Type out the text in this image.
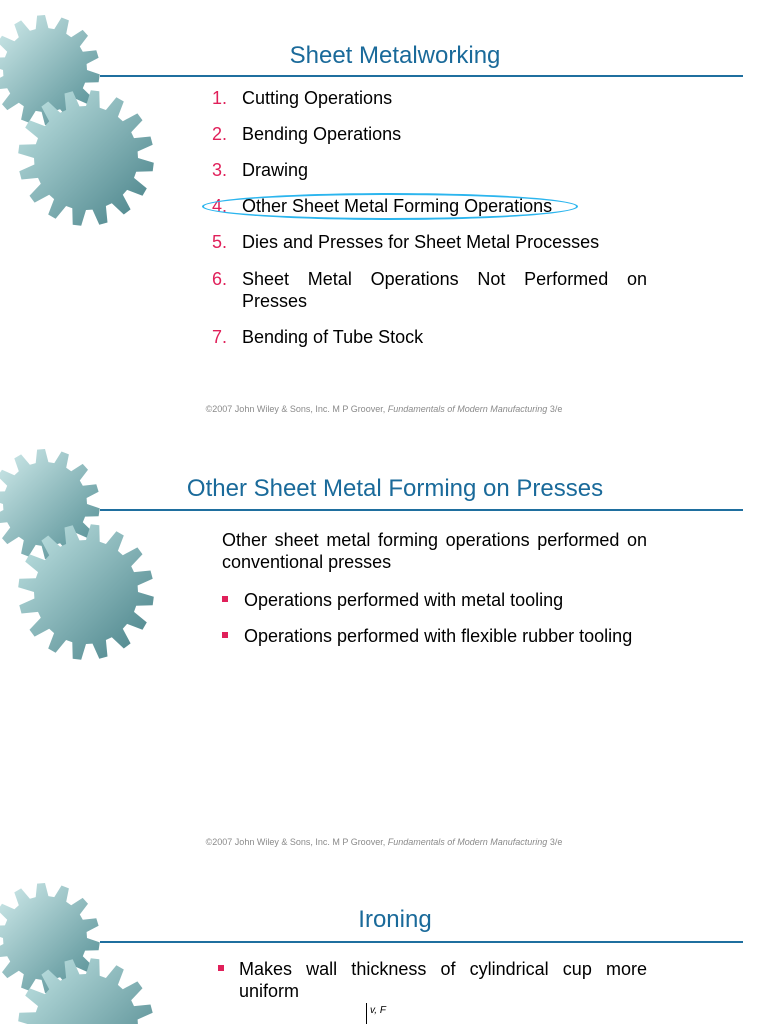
Sheet Metalworking
1. Cutting Operations
2. Bending Operations
3. Drawing
4. Other Sheet Metal Forming Operations
5. Dies and Presses for Sheet Metal Processes
6. Sheet Metal Operations Not Performed on Presses
7. Bending of Tube Stock
©2007 John Wiley & Sons, Inc. M P Groover, Fundamentals of Modern Manufacturing 3/e
Other Sheet Metal Forming on Presses
Other sheet metal forming operations performed on conventional presses
Operations performed with metal tooling
Operations performed with flexible rubber tooling
©2007 John Wiley & Sons, Inc. M P Groover, Fundamentals of Modern Manufacturing 3/e
Ironing
Makes wall thickness of cylindrical cup more uniform
v, F
